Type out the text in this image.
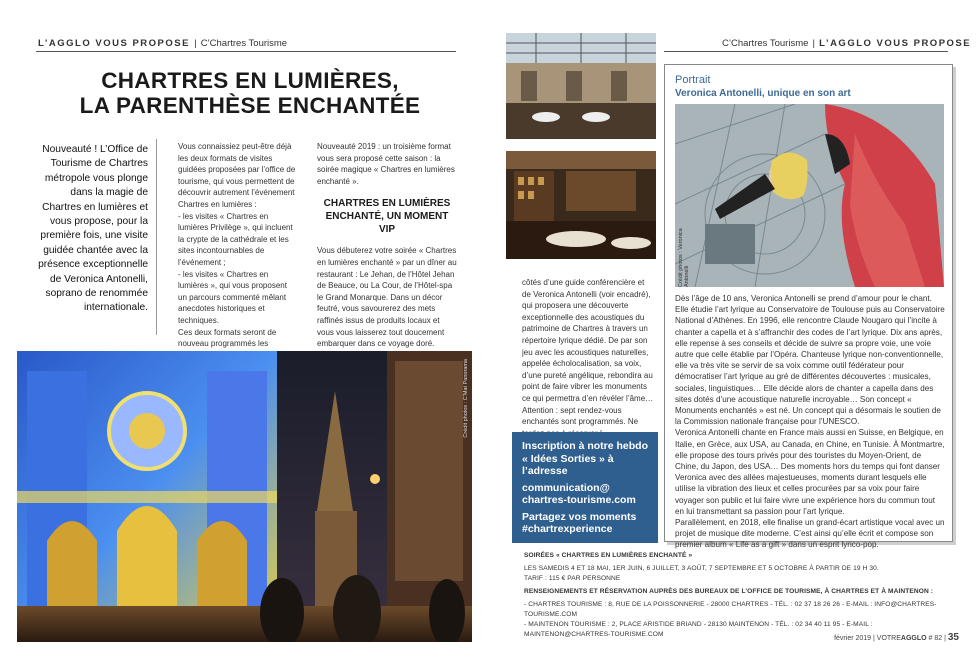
L’AGGLO VOUS PROPOSE | C’Chartres Tourisme
CHARTRES EN LUMIÈRES,
LA PARENTHÈSE ENCHANTÉE
Nouveauté ! L’Office de Tourisme de Chartres métropole vous plonge dans la magie de Chartres en lumières et vous propose, pour la première fois, une visite guidée chantée avec la présence exceptionnelle de Veronica Antonelli, soprano de renommée internationale.

Vous connaissiez peut-être déjà les deux formats de visites guidées proposées par l’office de tourisme, qui vous permettent de découvrir autrement l’événement Chartres en lumières :

- les visites « Chartres en lumières Privilège », qui incluent la crypte de la cathédrale et les sites incontournables de l’événement ;

- les visites « Chartres en lumières », qui vous proposent un parcours commenté mêlant anecdotes historiques et techniques.

Ces deux formats seront de nouveau programmés les

Nouveauté 2019 : un troisième format vous sera proposé cette saison : la soirée magique « Chartres en lumières enchanté ».

CHARTRES EN LUMIÈRES ENCHANTÉ, UN MOMENT VIP

Vous débuterez votre soirée « Chartres en lumières enchanté » par un dîner au restaurant : Le Jehan, de l’Hôtel Jehan de Beauce, ou La Cour, de l’Hôtel-spa le Grand Monarque. Dans un décor feutré, vous savourerez des mets raffinés issus de produits locaux et vous vous laisserez tout doucement embarquer dans ce voyage doré.

Crédit photos : C’Mat Panorama
C’Chartres Tourisme | L’AGGLO VOUS PROPOSE

côtés d’une guide conférencière et de Veronica Antonelli (voir encadré), qui proposera une découverte exceptionnelle des acoustiques du patrimoine de Chartres à travers un répertoire lyrique dédié. De par son jeu avec les acoustiques naturelles, appelée écholocalisation, sa voix, d’une pureté angélique, rebondira au point de faire vibrer les monuments ce qui permettra d’en révéler l’âme…

Attention : sept rendez-vous enchantés sont programmés. Ne

Inscription à notre hebdo « Idées Sorties » à l’adresse
communication@ chartres-tourisme.com
Partagez vos moments #chartrexperience
Portrait
Veronica Antonelli, unique en son art
Crédit photos : Veronica Antonelli
Dès l’âge de 10 ans, Veronica Antonelli se prend d’amour pour le chant. Elle étudie l’art lyrique au Conservatoire de Toulouse puis au Conservatoire National d’Athènes. En 1996, elle rencontre Claude Nougaro qui l’incite à chanter a capella et à s’affranchir des codes de l’art lyrique. Dix ans après, elle repense à ses conseils et décide de suivre sa propre voie, une voie autre que celle établie par l’Opéra. Chanteuse lyrique non-conventionnelle, elle va très vite se servir de sa voix comme outil fédérateur pour démocratiser l’art lyrique au gré de différentes découvertes : musicales, sociales, linguistiques… Elle décide alors de chanter a capella dans des sites dotés d’une acoustique naturelle incroyable… Son concept « Monuments enchantés » est né. Un concept qui a désormais le soutien de la Commission nationale française pour l’UNESCO.
Veronica Antonelli chante en France mais aussi en Suisse, en Belgique, en Italie, en Grèce, aux USA, au Canada, en Chine, en Tunisie. À Montmartre, elle propose des tours privés pour des touristes du Moyen-Orient, de Chine, du Japon, des USA… Des moments hors du temps qui font danser Veronica avec des allées majestueuses, moments durant lesquels elle utilise la vibration des lieux et celles procurées par sa voix pour faire voyager son public et lui faire vivre une expérience hors du commun tout en lui transmettant sa passion pour l’art lyrique.
Parallèlement, en 2018, elle finalise un grand-écart artistique vocal avec un projet de musique dite moderne. C’est ainsi qu’elle écrit et compose son premier album « Life as a gift » dans un esprit lyrico-pop.
SOIRÉES « CHARTRES EN LUMIÈRES ENCHANTÉ »
LES SAMEDIS 4 ET 18 MAI, 1ER JUIN, 6 JUILLET, 3 AOÛT, 7 SEPTEMBRE ET 5 OCTOBRE À PARTIR DE 19 H 30.
TARIF : 115 € PAR PERSONNE
RENSEIGNEMENTS ET RÉSERVATION AUPRÈS DES BUREAUX DE L’OFFICE DE TOURISME, À CHARTRES ET À MAINTENON :
- CHARTRES TOURISME : 8, RUE DE LA POISSONNERIE - 28000 CHARTRES - TÉL. : 02 37 18 26 26 - E-MAIL : INFO@CHARTRES-TOURISME.COM
- MAINTENON TOURISME : 2, PLACE ARISTIDE BRIAND - 28130 MAINTENON - TÉL. : 02 34 40 11 95 - E-MAIL : MAINTENON@CHARTRES-TOURISME.COM
février 2019 | VOTREAGGLO # 82 | 35
